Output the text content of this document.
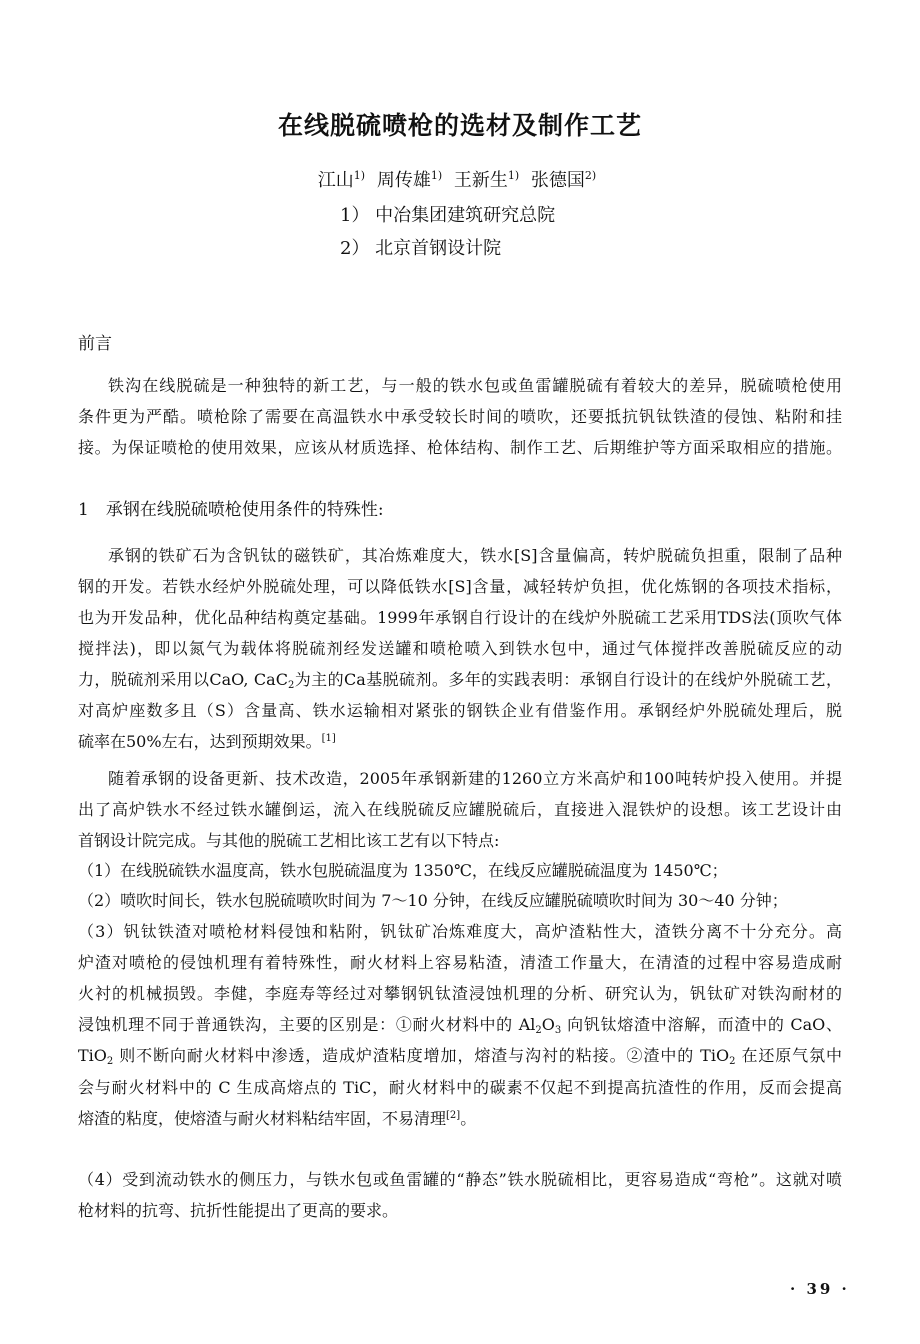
在线脱硫喷枪的选材及制作工艺
江山$^{1)}$ 周传雄$^{1)}$ 王新生$^{1)}$ 张德国$^{2)}$
1） 中冶集团建筑研究总院
2） 北京首钢设计院
前言
1　承钢在线脱硫喷枪使用条件的特殊性:
铁沟在线脱硫是一种独特的新工艺，与一般的铁水包或鱼雷罐脱硫有着较大的差异，脱硫喷枪使用
条件更为严酷。喷枪除了需要在高温铁水中承受较长时间的喷吹，还要抵抗钒钛铁渣的侵蚀、粘附和挂
接。为保证喷枪的使用效果，应该从材质选择、枪体结构、制作工艺、后期维护等方面采取相应的措施。
承钢的铁矿石为含钒钛的磁铁矿，其冶炼难度大，铁水[S]含量偏高，转炉脱硫负担重，限制了品种
钢的开发。若铁水经炉外脱硫处理，可以降低铁水[S]含量，减轻转炉负担，优化炼钢的各项技术指标，
也为开发品种，优化品种结构奠定基础。1999年承钢自行设计的在线炉外脱硫工艺采用TDS法(顶吹气体
搅拌法)，即以氮气为载体将脱硫剂经发送罐和喷枪喷入到铁水包中，通过气体搅拌改善脱硫反应的动
力，脱硫剂采用以CaO, CaC$_2$为主的Ca基脱硫剂。多年的实践表明：承钢自行设计的在线炉外脱硫工艺，
对高炉座数多且（S）含量高、铁水运输相对紧张的钢铁企业有借鉴作用。承钢经炉外脱硫处理后，脱
硫率在50%左右，达到预期效果。[1]
随着承钢的设备更新、技术改造，2005年承钢新建的1260立方米高炉和100吨转炉投入使用。并提
出了高炉铁水不经过铁水罐倒运，流入在线脱硫反应罐脱硫后，直接进入混铁炉的设想。该工艺设计由
首钢设计院完成。与其他的脱硫工艺相比该工艺有以下特点:
（1）在线脱硫铁水温度高，铁水包脱硫温度为 1350℃，在线反应罐脱硫温度为 1450℃；
（2）喷吹时间长，铁水包脱硫喷吹时间为 7～10 分钟，在线反应罐脱硫喷吹时间为 30～40 分钟；
（3）钒钛铁渣对喷枪材料侵蚀和粘附，钒钛矿冶炼难度大，高炉渣粘性大，渣铁分离不十分充分。高
炉渣对喷枪的侵蚀机理有着特殊性，耐火材料上容易粘渣，清渣工作量大，在清渣的过程中容易造成耐
火衬的机械损毁。李健，李庭寿等经过对攀钢钒钛渣浸蚀机理的分析、研究认为，钒钛矿对铁沟耐材的
浸蚀机理不同于普通铁沟，主要的区别是：①耐火材料中的 $Al_2O_3$ 向钒钛熔渣中溶解，而渣中的 CaO、
TiO$_2$ 则不断向耐火材料中渗透，造成炉渣粘度增加，熔渣与沟衬的粘接。②渣中的 TiO$_2$ 在还原气氛中
会与耐火材料中的 C 生成高熔点的 TiC，耐火材料中的碳素不仅起不到提高抗渣性的作用，反而会提高
熔渣的粘度，使熔渣与耐火材料粘结牢固，不易清理[2]。
（4）受到流动铁水的侧压力，与铁水包或鱼雷罐的“静态”铁水脱硫相比，更容易造成“弯枪”。这就对喷
枪材料的抗弯、抗折性能提出了更高的要求。
· 39 ·
